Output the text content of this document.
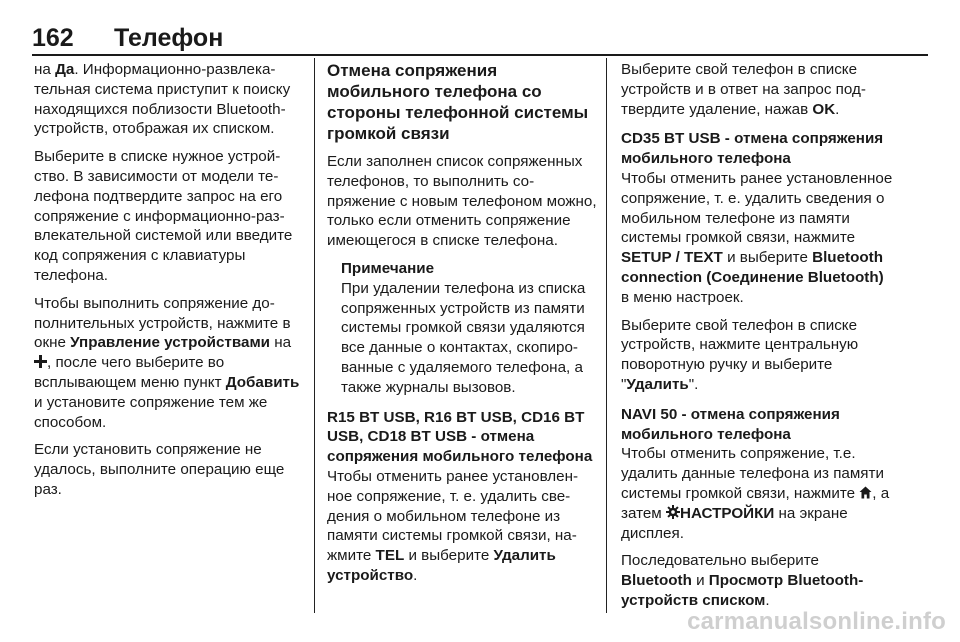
162 Телефон

на Да. Информационно-развлекательная система приступит к поиску находящихся поблизости Bluetooth-устройств, отображая их списком.

Выберите в списке нужное устройство. В зависимости от модели телефона подтвердите запрос на его сопряжение с информационно-развлекательной системой или введите код сопряжения с клавиатуры телефона.

Чтобы выполнить сопряжение дополнительных устройств, нажмите в окне Управление устройствами на , после чего выберите во всплывающем меню пункт Добавить и установите сопряжение тем же способом.

Если установить сопряжение не удалось, выполните операцию еще раз.

Отмена сопряжения мобильного телефона со стороны телефонной системы громкой связи

Если заполнен список сопряженных телефонов, то выполнить сопряжение с новым телефоном можно, только если отменить сопряжение имеющегося в списке телефона.

Примечание
При удалении телефона из списка сопряженных устройств из памяти системы громкой связи удаляются все данные о контактах, скопированные с удаляемого телефона, а также журналы вызовов.
R15 BT USB, R16 BT USB, CD16 BT USB, CD18 BT USB - отмена сопряжения мобильного телефона

Чтобы отменить ранее установленное сопряжение, т. е. удалить сведения о мобильном телефоне из памяти системы громкой связи, нажмите TEL и выберите Удалить устройство.

Выберите свой телефон в списке устройств и в ответ на запрос подтвердите удаление, нажав OK.

CD35 BT USB - отмена сопряжения мобильного телефона

Чтобы отменить ранее установленное сопряжение, т. е. удалить сведения о мобильном телефоне из памяти системы громкой связи, нажмите SETUP / TEXT и выберите Bluetooth connection (Соединение Bluetooth) в меню настроек.

Выберите свой телефон в списке устройств, нажмите центральную поворотную ручку и выберите "Удалить".

NAVI 50 - отмена сопряжения мобильного телефона

Чтобы отменить сопряжение, т.е. удалить данные телефона из памяти системы громкой связи, нажмите , а затем НАСТРОЙКИ на экране дисплея.

Последовательно выберите Bluetooth и Просмотр Bluetooth-устройств списком.

carmanualsonline.info
